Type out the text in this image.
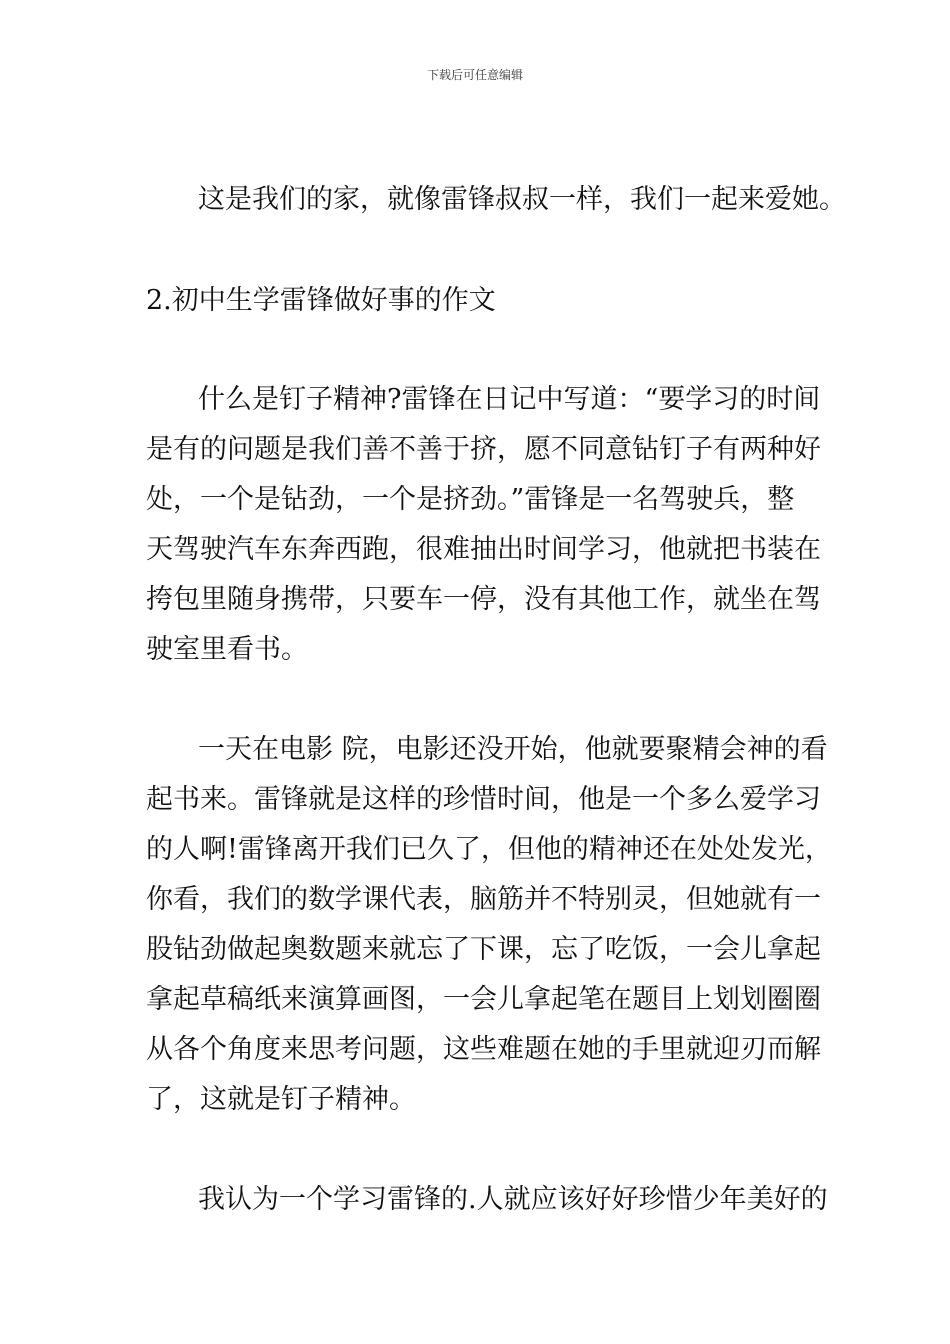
下载后可任意编辑
这是我们的家，就像雷锋叔叔一样，我们一起来爱她。
2.初中生学雷锋做好事的作文
什么是钉子精神?雷锋在日记中写道：“要学习的时间
是有的问题是我们善不善于挤，愿不同意钻钉子有两种好
处，一个是钻劲，一个是挤劲。”雷锋是一名驾驶兵，整
天驾驶汽车东奔西跑，很难抽出时间学习，他就把书装在
挎包里随身携带，只要车一停，没有其他工作，就坐在驾
驶室里看书。
一天在电影 院，电影还没开始，他就要聚精会神的看
起书来。雷锋就是这样的珍惜时间，他是一个多么爱学习
的人啊!雷锋离开我们已久了，但他的精神还在处处发光，
你看，我们的数学课代表，脑筋并不特别灵，但她就有一
股钻劲做起奥数题来就忘了下课，忘了吃饭，一会儿拿起
拿起草稿纸来演算画图，一会儿拿起笔在题目上划划圈圈
从各个角度来思考问题，这些难题在她的手里就迎刃而解
了，这就是钉子精神。
我认为一个学习雷锋的.人就应该好好珍惜少年美好的
